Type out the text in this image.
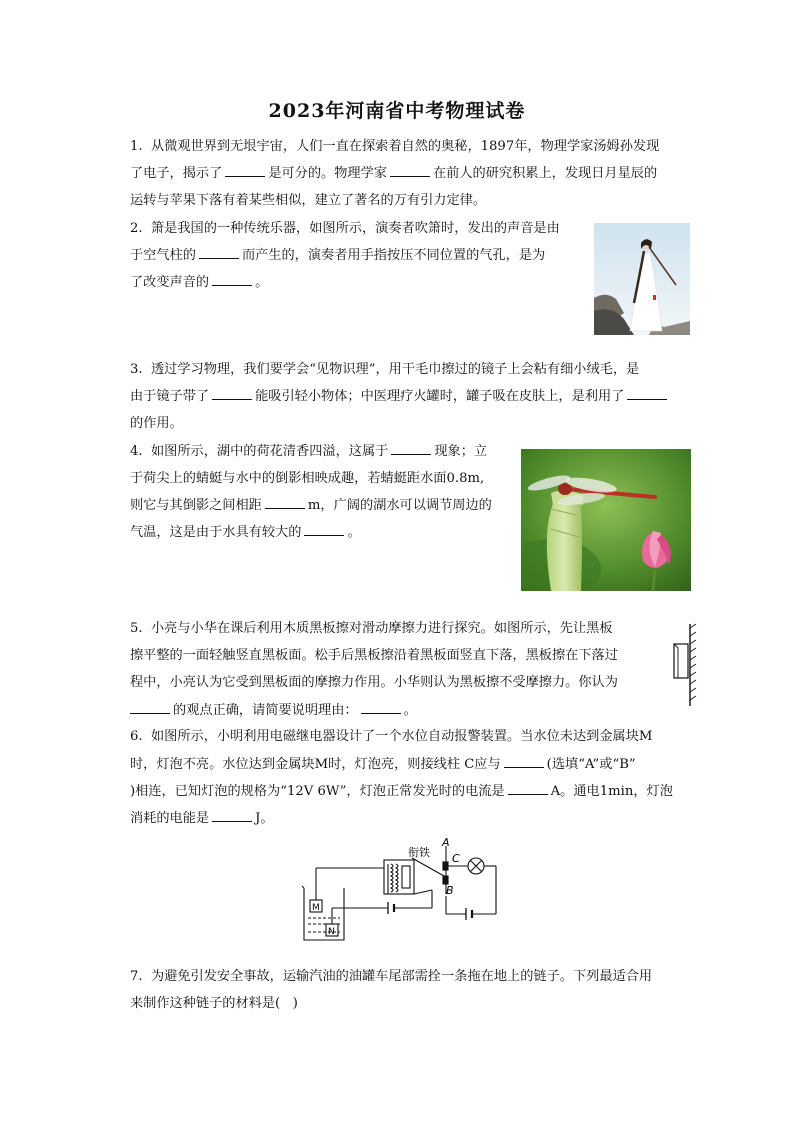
2023年河南省中考物理试卷
1.  从微观世界到无垠宇宙，人们一直在探索着自然的奥秘，1897年，物理学家汤姆孙发现
了电子，揭示了	是可分的。物理学家	在前人的研究积累上，发现日月星辰的
运转与苹果下落有着某些相似，建立了著名的万有引力定律。
2.  箫是我国的一种传统乐器，如图所示，演奏者吹箫时，发出的声音是由
于空气柱的	而产生的，演奏者用手指按压不同位置的气孔，是为
了改变声音的	。
3.  透过学习物理，我们要学会“见物识理”，用干毛巾擦过的镜子上会粘有细小绒毛，是
由于镜子带了	能吸引轻小物体；中医理疗火罐时，罐子吸在皮肤上，是利用了
的作用。
4.  如图所示，湖中的荷花清香四溢，这属于	现象；立
于荷尖上的蜻蜓与水中的倒影相映成趣，若蜻蜓距水面0.8m,
则它与其倒影之间相距	m，广阔的湖水可以调节周边的
气温，这是由于水具有较大的	。
5.  小亮与小华在课后利用木质黑板擦对滑动摩擦力进行探究。如图所示，先让黑板
擦平整的一面轻触竖直黑板面。松手后黑板擦沿着黑板面竖直下落，黑板擦在下落过
程中，小亮认为它受到黑板面的摩擦力作用。小华则认为黑板擦不受摩擦力。你认为
的观点正确，请简要说明理由：	。
6.  如图所示，小明利用电磁继电器设计了一个水位自动报警装置。当水位未达到金属块M
时，灯泡不亮。水位达到金属块M时，灯泡亮，则接线柱 C应与	(选填“A”或“B”
)相连，已知灯泡的规格为“12V 6W”，灯泡正常发光时的电流是	A。通电1min，灯泡
消耗的电能是	J。
衔铁
A
C
B
M
N
7.  为避免引发安全事故，运输汽油的油罐车尾部需拴一条拖在地上的链子。下列最适合用
来制作这种链子的材料是(   )
